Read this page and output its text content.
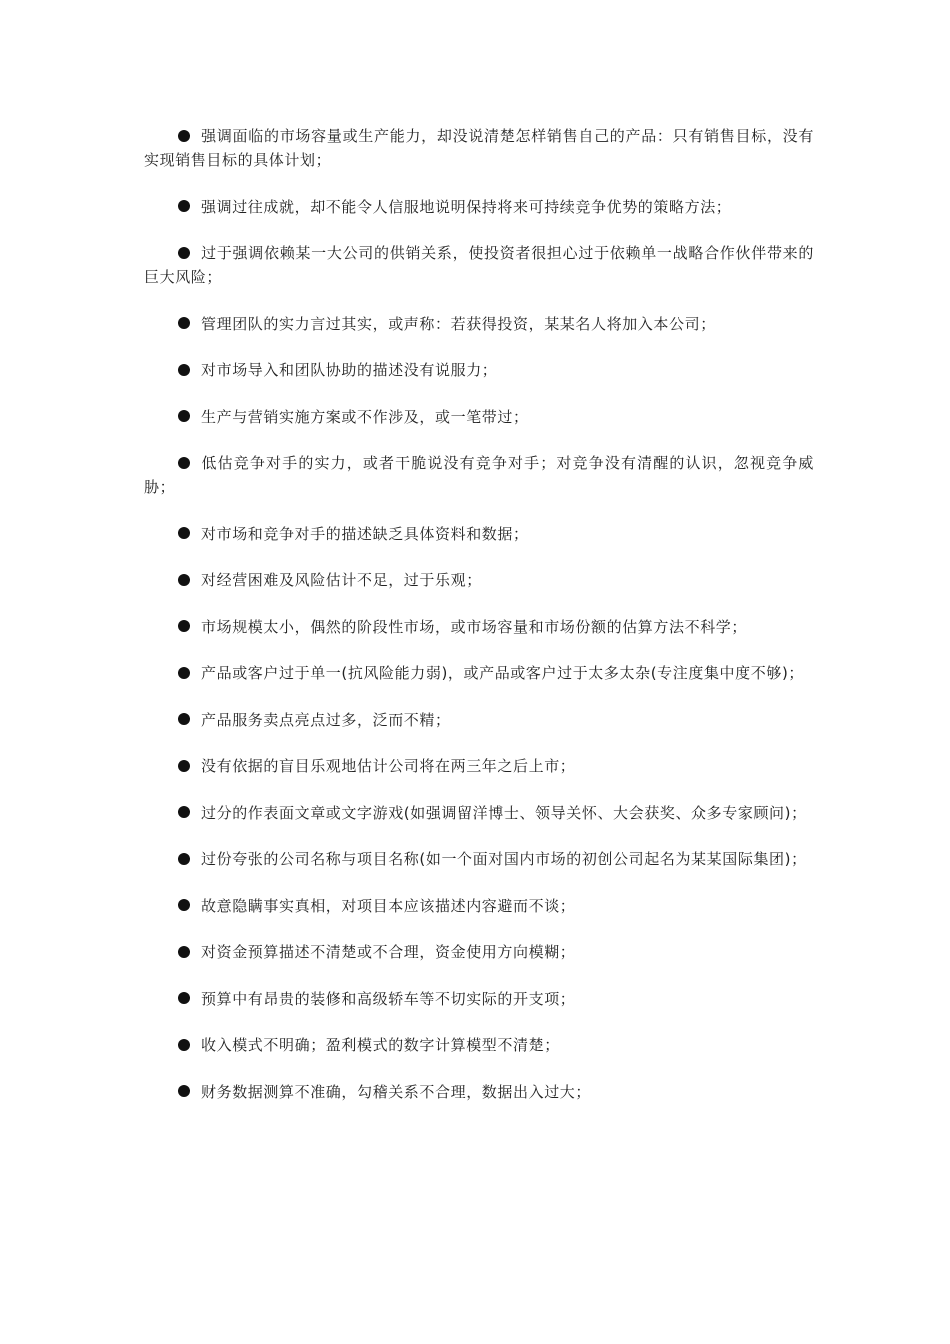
强调面临的市场容量或生产能力，却没说清楚怎样销售自己的产品：只有销售目标，没有实现销售目标的具体计划；
强调过往成就，却不能令人信服地说明保持将来可持续竞争优势的策略方法；
过于强调依赖某一大公司的供销关系，使投资者很担心过于依赖单一战略合作伙伴带来的巨大风险；
管理团队的实力言过其实，或声称：若获得投资，某某名人将加入本公司；
对市场导入和团队协助的描述没有说服力；
生产与营销实施方案或不作涉及，或一笔带过；
低估竞争对手的实力，或者干脆说没有竞争对手；对竞争没有清醒的认识，忽视竞争威胁；
对市场和竞争对手的描述缺乏具体资料和数据；
对经营困难及风险估计不足，过于乐观；
市场规模太小，偶然的阶段性市场，或市场容量和市场份额的估算方法不科学；
产品或客户过于单一(抗风险能力弱)，或产品或客户过于太多太杂(专注度集中度不够)；
产品服务卖点亮点过多，泛而不精；
没有依据的盲目乐观地估计公司将在两三年之后上市；
过分的作表面文章或文字游戏(如强调留洋博士、领导关怀、大会获奖、众多专家顾问)；
过份夸张的公司名称与项目名称(如一个面对国内市场的初创公司起名为某某国际集团)；
故意隐瞒事实真相，对项目本应该描述内容避而不谈；
对资金预算描述不清楚或不合理，资金使用方向模糊；
预算中有昂贵的装修和高级轿车等不切实际的开支项；
收入模式不明确；盈利模式的数字计算模型不清楚；
财务数据测算不准确，勾稽关系不合理，数据出入过大；
